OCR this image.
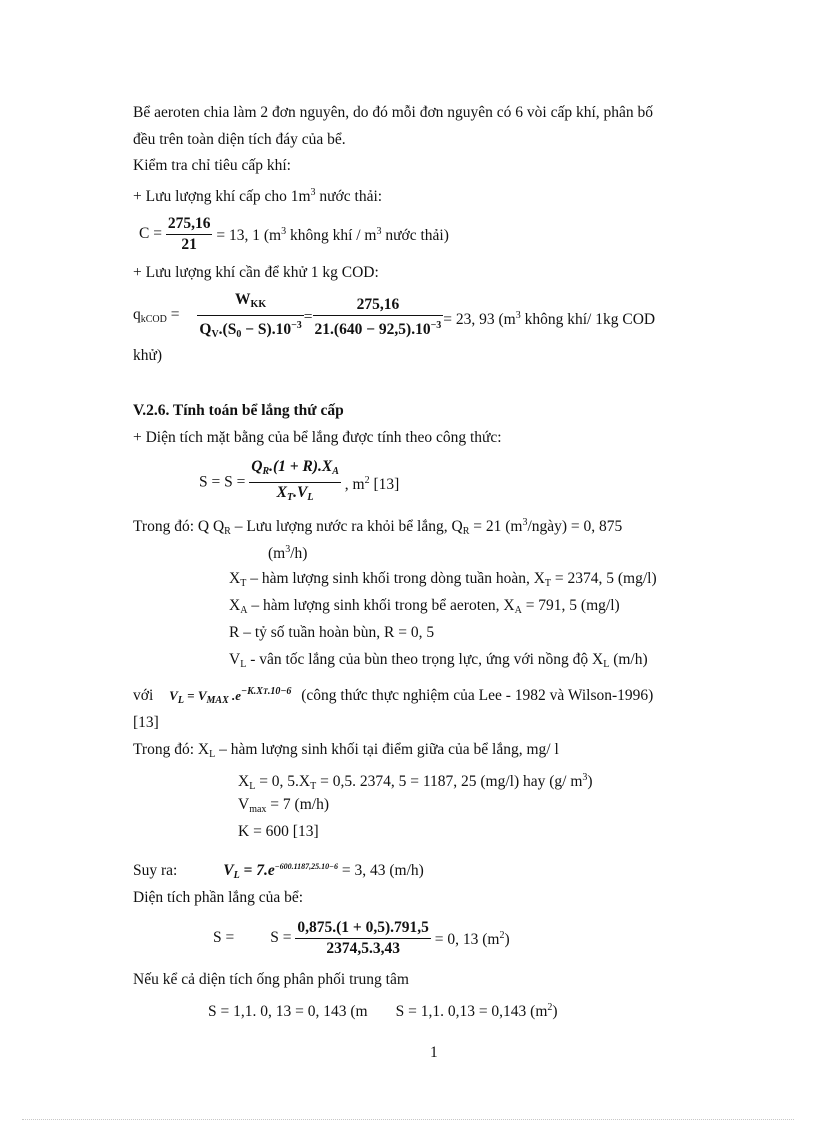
Bể aeroten chia làm 2 đơn nguyên, do đó mỗi đơn nguyên có 6 vòi cấp khí, phân bố
đều trên toàn diện tích đáy của bể.
Kiểm tra chỉ tiêu cấp khí:
+ Lưu lượng khí cấp cho $1m^3$ nước thải:
$C = \frac{275,16}{21} = 13$, 1 ($m^3$ không khí / $m^3$ nước thải)
+ Lưu lượng khí cần để khử 1 kg COD:
$q_{kCOD} = \frac{W_{KK}}{Q_V.(S_0 - S).10^{-3}} = \frac{275,16}{21.(640 - 92,5).10^{-3}} = 23$, 93 ($m^3$ không khí/ 1kg COD
khử)
V.2.6. Tính toán bể lắng thứ cấp
+ Diện tích mặt bằng của bể lắng được tính theo công thức:
$S = S = \frac{Q_R.(1 + R).X_A}{X_T.V_L}$ , $m^2$ [13]
Trong đó: Q $Q_R$ – Lưu lượng nước ra khỏi bể lắng, $Q_R = 21$ $(m^3/ngày) = 0$, 875
$(m^3/h)$
$X_T$ – hàm lượng sinh khối trong dòng tuần hoàn, $X_T = 2374$, 5 (mg/l)
$X_A$ – hàm lượng sinh khối trong bể aeroten, $X_A = 791$, 5 (mg/l)
R – tỷ số tuần hoàn bùn, R = 0, 5
$V_L$ - vân tốc lắng của bùn theo trọng lực, ứng với nồng độ $X_L$ (m/h)
với $V_L = V_{MAX}$ $.e^{-K.XT.10-6}$ (công thức thực nghiệm của Lee - 1982 và Wilson-1996)
[13]
Trong đó: $X_L$ – hàm lượng sinh khối tại điểm giữa của bể lắng, mg/ l
$X_L = 0$, $5.X_T = 0,5$. 2374, 5 = 1187, 25 (mg/l) hay (g/ $m^3$)
$V_{max} = 7$ (m/h)
K = 600 [13]
Suy ra:	$V_L = 7.e^{-600.1187,25.10-6} = 3$, 43 (m/h)
Diện tích phần lắng của bể:
$S = S = \frac{0,875.(1 + 0,5).791,5}{2374,5.3,43} = 0$, 13 $(m^2)$
Nếu kể cả diện tích ống phân phối trung tâm
S = 1,1. 0, 13 = 0, 143 (m S = 1,1. 0,13 = 0,143 $(m^2)$
1
